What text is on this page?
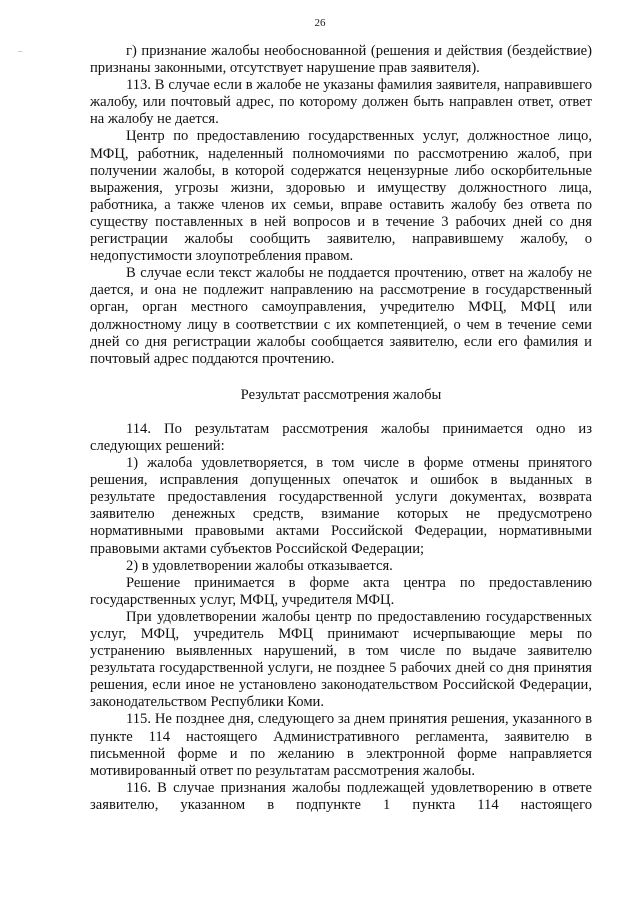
26
–	г) признание жалобы необоснованной (решения и действия (бездействие) признаны законными, отсутствует нарушение прав заявителя).

113. В случае если в жалобе не указаны фамилия заявителя, направившего жалобу, или почтовый адрес, по которому должен быть направлен ответ, ответ на жалобу не дается.

Центр по предоставлению государственных услуг, должностное лицо, МФЦ, работник, наделенный полномочиями по рассмотрению жалоб, при получении жалобы, в которой содержатся нецензурные либо оскорбительные выражения, угрозы жизни, здоровью и имуществу должностного лица, работника, а также членов их семьи, вправе оставить жалобу без ответа по существу поставленных в ней вопросов и в течение 3 рабочих дней со дня регистрации жалобы сообщить заявителю, направившему жалобу, о недопустимости злоупотребления правом.

В случае если текст жалобы не поддается прочтению, ответ на жалобу не дается, и она не подлежит направлению на рассмотрение в государственный орган, орган местного самоуправления, учредителю МФЦ, МФЦ или должностному лицу в соответствии с их компетенцией, о чем в течение семи дней со дня регистрации жалобы сообщается заявителю, если его фамилия и почтовый адрес поддаются прочтению.

Результат рассмотрения жалобы

114. По результатам рассмотрения жалобы принимается одно из следующих решений:

1) жалоба удовлетворяется, в том числе в форме отмены принятого решения, исправления допущенных опечаток и ошибок в выданных в результате предоставления государственной услуги документах, возврата заявителю денежных средств, взимание которых не предусмотрено нормативными правовыми актами Российской Федерации, нормативными правовыми актами субъектов Российской Федерации;

2) в удовлетворении жалобы отказывается.

Решение принимается в форме акта центра по предоставлению государственных услуг, МФЦ, учредителя МФЦ.

При удовлетворении жалобы центр по предоставлению государственных услуг, МФЦ, учредитель МФЦ принимают исчерпывающие меры по устранению выявленных нарушений, в том числе по выдаче заявителю результата государственной услуги, не позднее 5 рабочих дней со дня принятия решения, если иное не установлено законодательством Российской Федерации, законодательством Республики Коми.

115. Не позднее дня, следующего за днем принятия решения, указанного в пункте 114 настоящего Административного регламента, заявителю в письменной форме и по желанию в электронной форме направляется мотивированный ответ по результатам рассмотрения жалобы.

116. В случае признания жалобы подлежащей удовлетворению в ответе заявителю, указанном в подпункте 1 пункта 114 настоящего
